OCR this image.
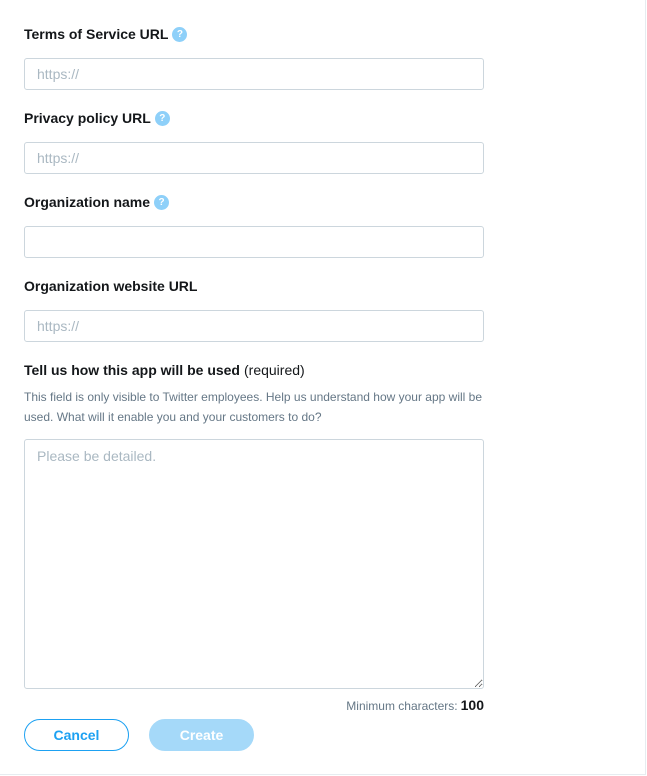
Terms of Service URL ?
https://
Privacy policy URL ?
https://
Organization name ?
Organization website URL
https://
Tell us how this app will be used (required)
This field is only visible to Twitter employees. Help us understand how your app will be used. What will it enable you and your customers to do?
Please be detailed.
Minimum characters: 100
Cancel	Create
